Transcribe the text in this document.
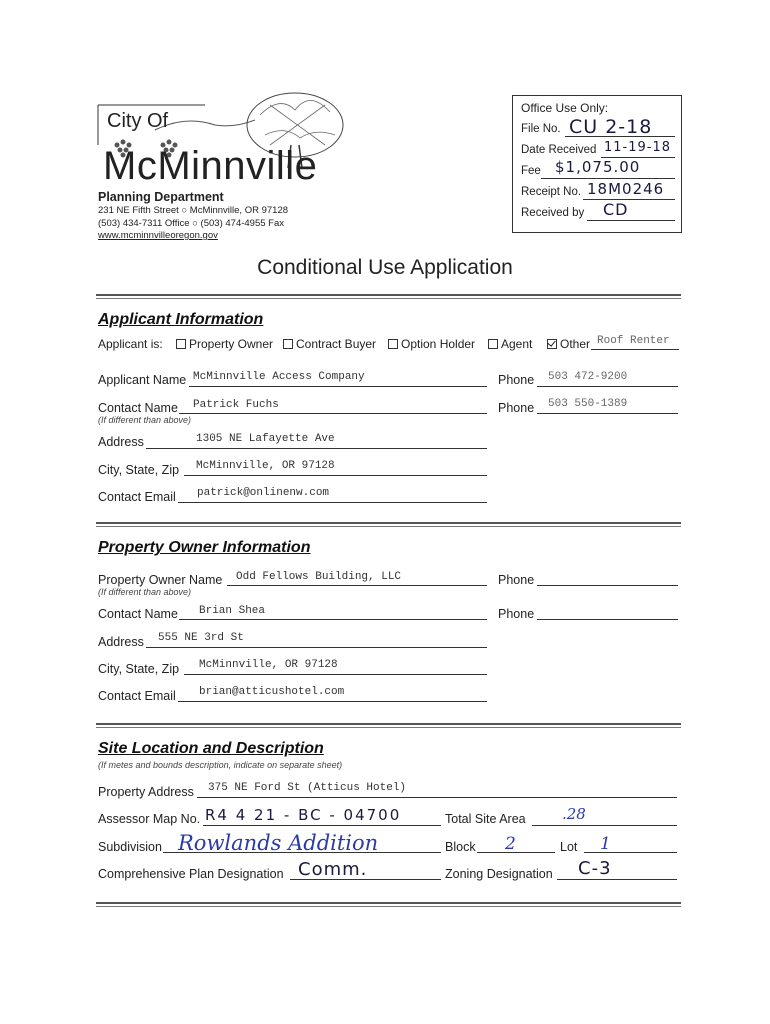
City Of
McMinnville
Planning Department
231 NE Fifth Street ○ McMinnville, OR 97128
(503) 434-7311 Office ○ (503) 474-4955 Fax
www.mcminnvilleoregon.gov
Office Use Only:
File No. CU 2-18
Date Received 11-19-18
Fee $1,075.00
Receipt No. 18M0246
Received by CD
Conditional Use Application
Applicant Information
Applicant is:	Property Owner	Contract Buyer	Option Holder	Agent	Other Roof Renter
Applicant Name McMinnville Access Company	Phone 503 472-9200
Contact Name Patrick Fuchs
(If different than above)
Phone 503 550-1389
Address	1305 NE Lafayette Ave
City, State, Zip McMinnville, OR 97128
Contact Email patrick@onlinenw.com
Property Owner Information
Property Owner Name Odd Fellows Building, LLC
(If different than above)
Phone
Contact Name Brian Shea	Phone
Address 555 NE 3rd St
City, State, Zip McMinnville, OR 97128
Contact Email brian@atticushotel.com
Site Location and Description
(If metes and bounds description, indicate on separate sheet)
Property Address 375 NE Ford St (Atticus Hotel)
Assessor Map No. R4 4 21 - BC - 04700	Total Site Area .28
Subdivision Rowlands Addition	Block 2	Lot 1
Comprehensive Plan Designation Comm.	Zoning Designation C-3
